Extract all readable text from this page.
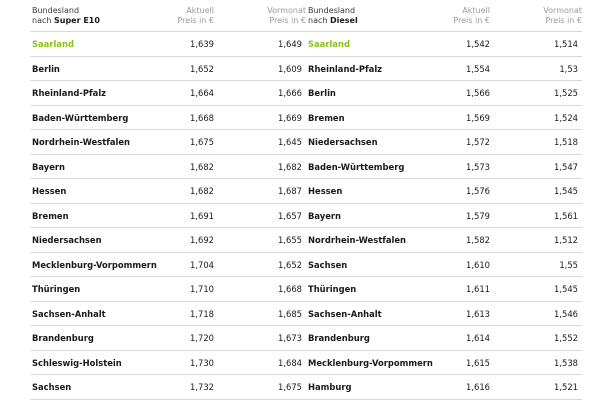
Bundesland
nach Super E10
Aktuell
Preis in €
Vormonat
Preis in €
Saarland	1,639	1,649
Berlin	1,652	1,609
Rheinland-Pfalz	1,664	1,666
Baden-Württemberg	1,668	1,669
Nordrhein-Westfalen	1,675	1,645
Bayern	1,682	1,682
Hessen	1,682	1,687
Bremen	1,691	1,657
Niedersachsen	1,692	1,655
Mecklenburg-Vorpommern	1,704	1,652
Thüringen	1,710	1,668
Sachsen-Anhalt	1,718	1,685
Brandenburg	1,720	1,673
Schleswig-Holstein	1,730	1,684
Sachsen	1,732	1,675
Bundesland
nach Diesel
Aktuell
Preis in €
Vormonat
Preis in €
Saarland	1,542	1,514
Rheinland-Pfalz	1,554	1,53
Berlin	1,566	1,525
Bremen	1,569	1,524
Niedersachsen	1,572	1,518
Baden-Württemberg	1,573	1,547
Hessen	1,576	1,545
Bayern	1,579	1,561
Nordrhein-Westfalen	1,582	1,512
Sachsen	1,610	1,55
Thüringen	1,611	1,545
Sachsen-Anhalt	1,613	1,546
Brandenburg	1,614	1,552
Mecklenburg-Vorpommern	1,615	1,538
Hamburg	1,616	1,521
